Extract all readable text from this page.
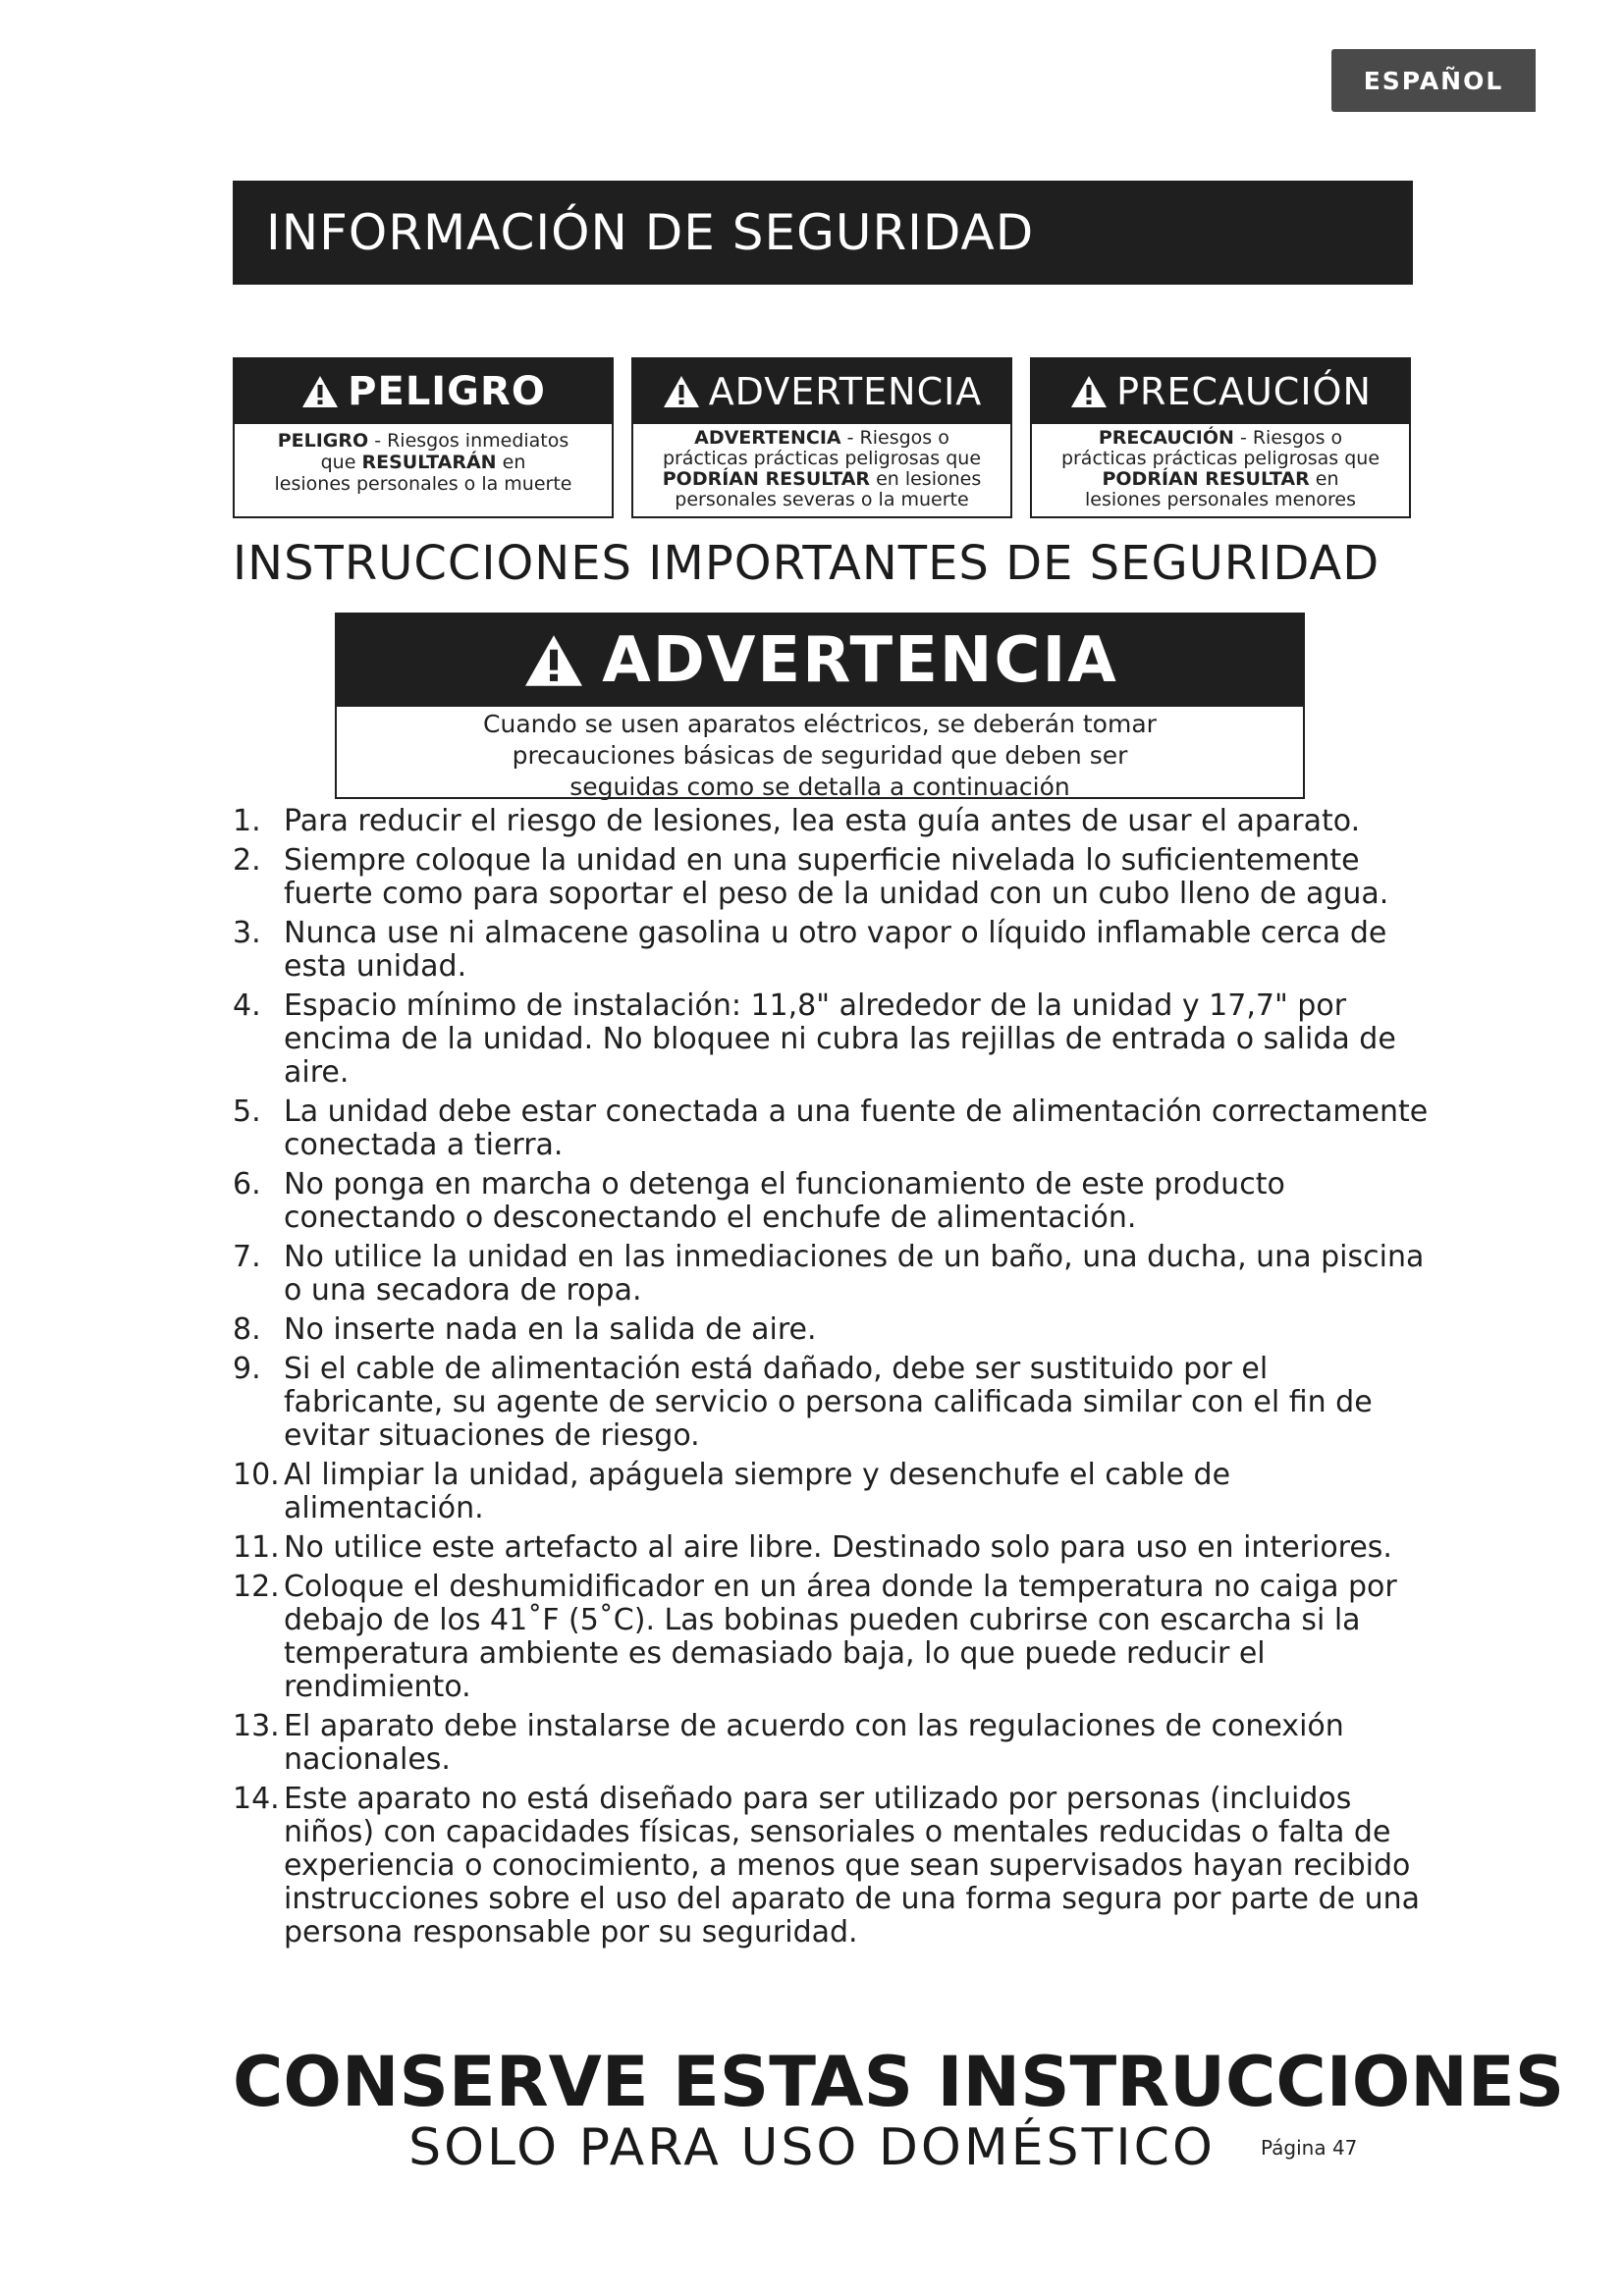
ESPAÑOL
INFORMACIÓN DE SEGURIDAD
PELIGRO
PELIGRO - Riesgos inmediatos
que RESULTARÁN en
lesiones personales o la muerte
ADVERTENCIA
ADVERTENCIA - Riesgos o
prácticas prácticas peligrosas que
PODRÍAN RESULTAR en lesiones
personales severas o la muerte
PRECAUCIÓN
PRECAUCIÓN - Riesgos o
prácticas prácticas peligrosas que
PODRÍAN RESULTAR en
lesiones personales menores
INSTRUCCIONES IMPORTANTES DE SEGURIDAD
ADVERTENCIA
Cuando se usen aparatos eléctricos, se deberán tomar
precauciones básicas de seguridad que deben ser
seguidas como se detalla a continuación
1. Para reducir el riesgo de lesiones, lea esta guía antes de usar el aparato.
2. Siempre coloque la unidad en una superficie nivelada lo suficientemente fuerte como para soportar el peso de la unidad con un cubo lleno de agua.
3. Nunca use ni almacene gasolina u otro vapor o líquido inflamable cerca de esta unidad.
4. Espacio mínimo de instalación: 11,8" alrededor de la unidad y 17,7" por encima de la unidad. No bloquee ni cubra las rejillas de entrada o salida de aire.
5. La unidad debe estar conectada a una fuente de alimentación correctamente conectada a tierra.
6. No ponga en marcha o detenga el funcionamiento de este producto conectando o desconectando el enchufe de alimentación.
7. No utilice la unidad en las inmediaciones de un baño, una ducha, una piscina o una secadora de ropa.
8. No inserte nada en la salida de aire.
9. Si el cable de alimentación está dañado, debe ser sustituido por el fabricante, su agente de servicio o persona calificada similar con el fin de evitar situaciones de riesgo.
10. Al limpiar la unidad, apáguela siempre y desenchufe el cable de alimentación.
11. No utilice este artefacto al aire libre. Destinado solo para uso en interiores.
12. Coloque el deshumidificador en un área donde la temperatura no caiga por debajo de los 41˚F (5˚C). Las bobinas pueden cubrirse con escarcha si la temperatura ambiente es demasiado baja, lo que puede reducir el rendimiento.
13. El aparato debe instalarse de acuerdo con las regulaciones de conexión nacionales.
14. Este aparato no está diseñado para ser utilizado por personas (incluidos niños) con capacidades físicas, sensoriales o mentales reducidas o falta de experiencia o conocimiento, a menos que sean supervisados hayan recibido instrucciones sobre el uso del aparato de una forma segura por parte de una persona responsable por su seguridad.
CONSERVE ESTAS INSTRUCCIONES
SOLO PARA USO DOMÉSTICO	Página 47
